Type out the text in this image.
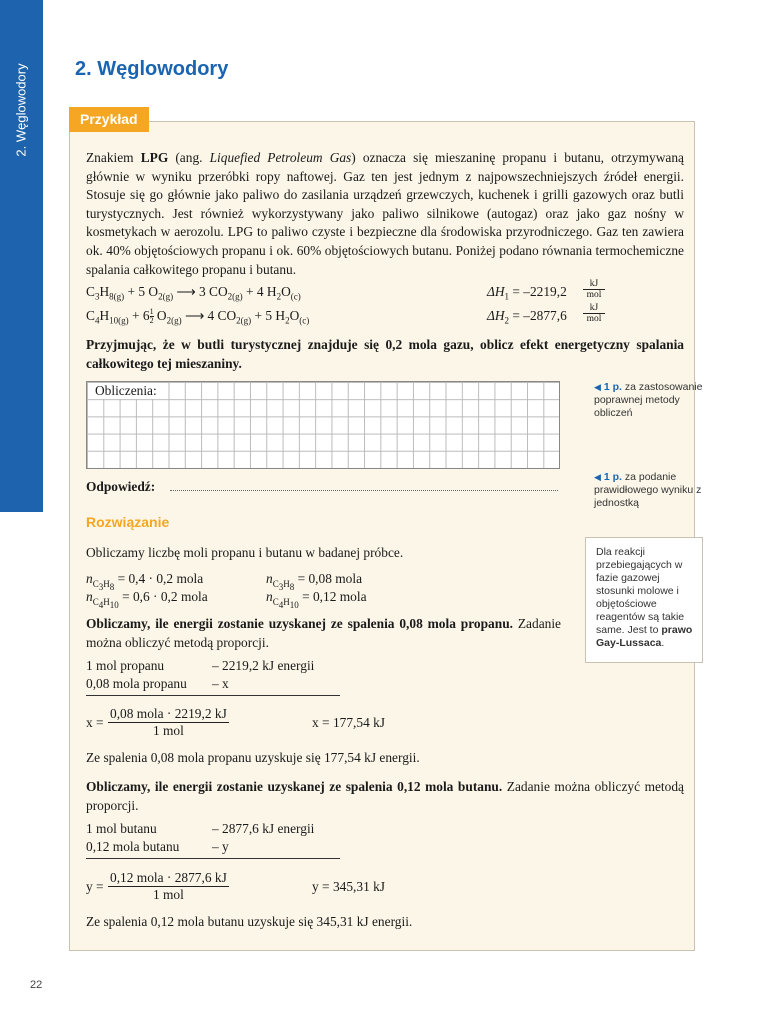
2. Węglowodory 2. Węglowodory
Przykład
Znakiem LPG (ang. Liquefied Petroleum Gas) oznacza się mieszaninę propanu i butanu, otrzymywaną głównie w wyniku przeróbki ropy naftowej. Gaz ten jest jednym z najpowszechniejszych źródeł energii. Stosuje się go głównie jako paliwo do zasilania urządzeń grzewczych, kuchenek i grilli gazowych oraz butli turystycznych. Jest również wykorzystywany jako paliwo silnikowe (autogaz) oraz jako gaz nośny w kosmetykach w aerozolu. LPG to paliwo czyste i bezpieczne dla środowiska przyrodniczego. Gaz ten zawiera ok. 40% objętościowych propanu i ok. 60% objętościowych butanu. Poniżej podano równania termochemiczne spalania całkowitego propanu i butanu.
$C_3H_{8(g)} + 5$ $O_{2(g)}$ ⟶ 3 $CO_{2(g)} + 4$ $H_2O_{(c)}$	$\Delta H_1 = -2219,2$	kJ
mol
$C_4H_{10(g)} + 6 \frac{1}{2} O_{2(g)}$ ⟶ 4 $CO_{2(g)} + 5$ $H_2O_{(c)}$	$\Delta H_2 = -2877,6$	kJ
mol
Przyjmując, że w butli turystycznej znajduje się 0,2 mola gazu, oblicz efekt energetyczny spalania całkowitego tej mieszaniny.
Obliczenia:
Odpowiedź:
◀ 1 p. za zastosowanie poprawnej metody obliczeń
◀ 1 p. za podanie prawidłowego wyniku z jednostką
Rozwiązanie
Obliczamy liczbę moli propanu i butanu w badanej próbce.
$n_{C_3H_8} = 0,4 \cdot 0,2$ mola	$n_{C_3H_8} = 0,08$ mola
$n_{C_4H_{10}} = 0,6 \cdot 0,2$ mola	$n_{C_4H_{10}} = 0,12$ mola
Obliczamy, ile energii zostanie uzyskanej ze spalenia 0,08 mola propanu. Zadanie można obliczyć metodą proporcji.
Dla reakcji przebiegających w fazie gazowej stosunki molowe i objętościowe reagentów są takie same. Jest to prawo Gay-Lussaca.
1 mol propanu	– 2219,2 kJ energii
0,08 mola propanu – x
x =
0,08 mola · 2219,2 kJ
1 mol
x = 177,54 kJ
Ze spalenia 0,08 mola propanu uzyskuje się 177,54 kJ energii.
Obliczamy, ile energii zostanie uzyskanej ze spalenia 0,12 mola butanu. Zadanie można obliczyć metodą proporcji.
1 mol butanu	– 2877,6 kJ energii
0,12 mola butanu – y
y =
0,12 mola · 2877,6 kJ
1 mol
y = 345,31 kJ
Ze spalenia 0,12 mola butanu uzyskuje się 345,31 kJ energii.
22
